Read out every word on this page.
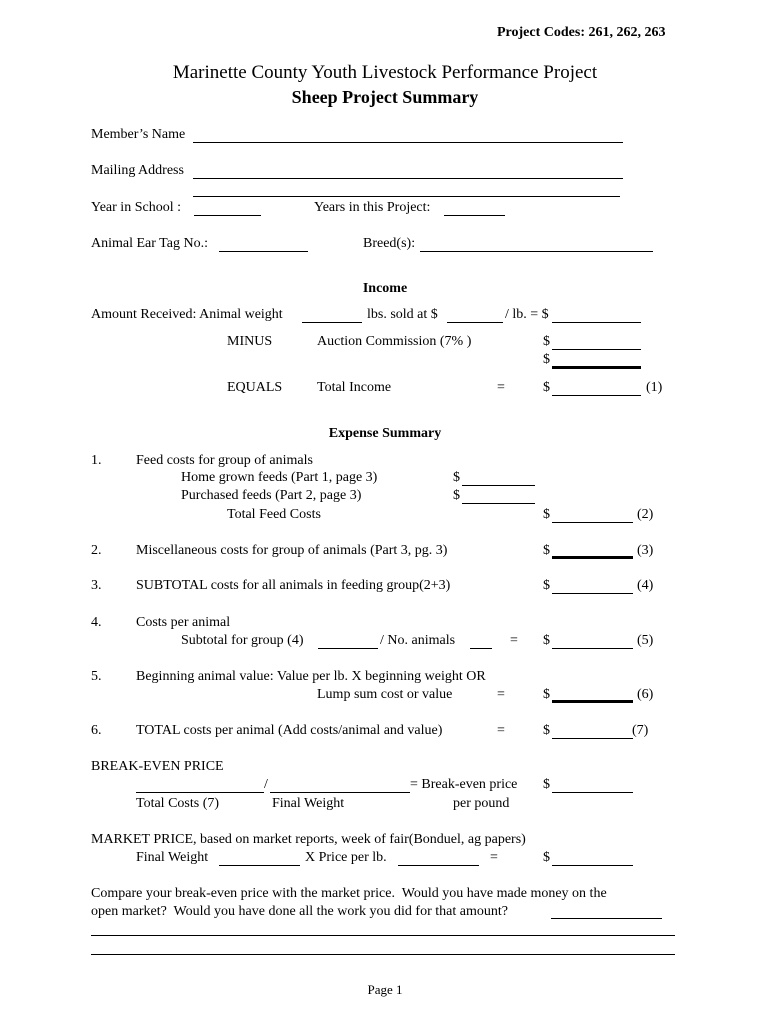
Project Codes: 261, 262, 263
Marinette County Youth Livestock Performance Project
Sheep Project Summary
Member’s Name
Mailing Address
Year in School :	Years in this Project:
Animal Ear Tag No.:	Breed(s):
Income
Amount Received: Animal weight	lbs. sold at $	/ lb. = $
MINUS	Auction Commission (7% )	$
$
EQUALS Total Income	=	$	(1)
Expense Summary
1. Feed costs for group of animals
Home grown feeds (Part 1, page 3)	$
Purchased feeds (Part 2, page 3)	$
Total Feed Costs	$	(2)
2. Miscellaneous costs for group of animals (Part 3, pg. 3)	$	(3)
3. SUBTOTAL costs for all animals in feeding group(2+3)	$	(4)
4. Costs per animal
Subtotal for group (4)	/ No. animals	= $	(5)
5. Beginning animal value: Value per lb. X beginning weight OR
Lump sum cost or value	=	$	(6)
6. TOTAL costs per animal (Add costs/animal and value)	=	$	(7)
BREAK-EVEN PRICE
/	= Break-even price $
Total Costs (7)	Final Weight	per pound
MARKET PRICE, based on market reports, week of fair(Bonduel, ag papers)
Final Weight	X Price per lb.	=	$
Compare your break-even price with the market price.  Would you have made money on the
open market?  Would you have done all the work you did for that amount?
Page 1
